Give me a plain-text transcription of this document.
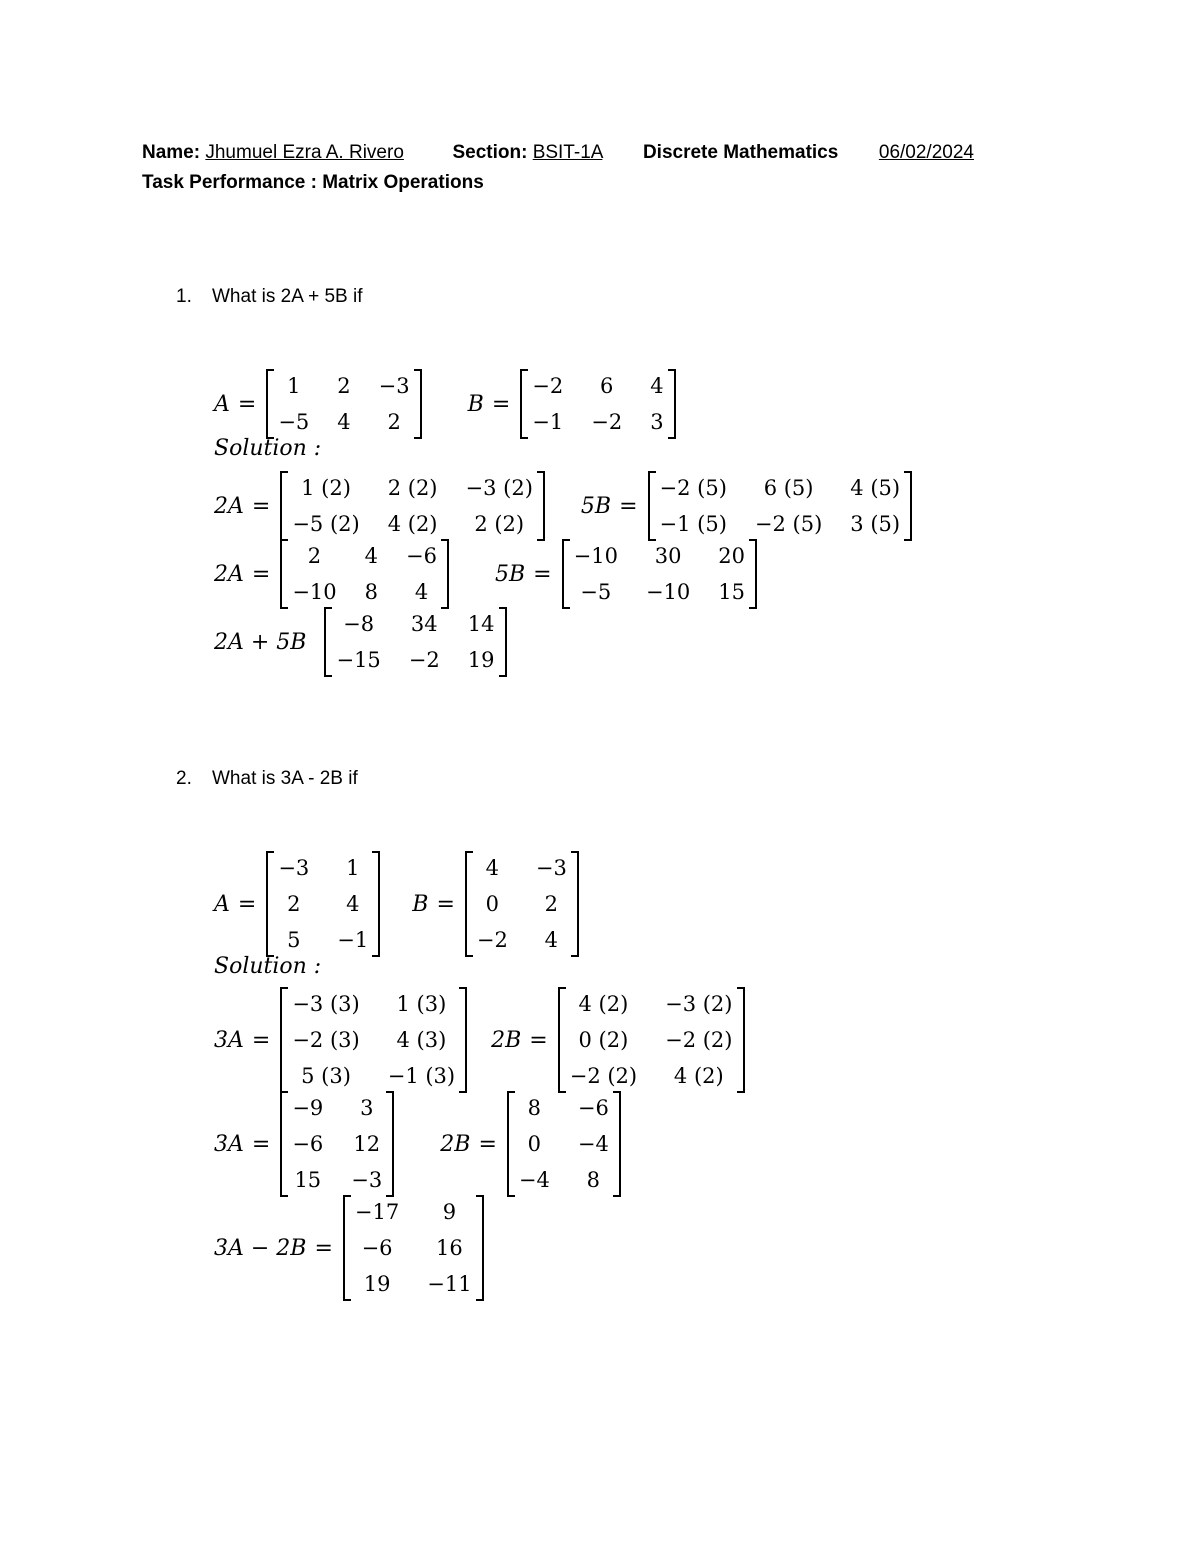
Name: Jhumuel Ezra A. Rivero	Section: BSIT-1A Discrete Mathematics 06/02/2024
Task Performance : Matrix Operations
1. What is 2A + 5B if
A =
1	2	−3
−5	4	2

B =
−2	6	4
−1	−2	3

Solution :
2A =
1 (2)	2 (2)	−3 (2)
−5 (2)	4 (2)	2 (2)

5B =
−2 (5)	6 (5)	4 (5)
−1 (5)	−2 (5)	3 (5)

2A =
2	4	−6
−10	8	4

5B =
−10	30	20
−5	−10	15

2A + 5B
−8	34	14
−15	−2	19

2. What is 3A - 2B if
A =
−3	1
2	4
5	−1

B =
4	−3
0	2
−2	4

Solution :
3A =
−3 (3)	1 (3)
−2 (3)	4 (3)
5 (3)	−1 (3)

2B =
4 (2)	−3 (2)
0 (2)	−2 (2)
−2 (2)	4 (2)

3A =
−9	3
−6	12
15	−3

2B =
8	−6
0	−4
−4	8

3A − 2B =
−17	9
−6	16
19	−11
